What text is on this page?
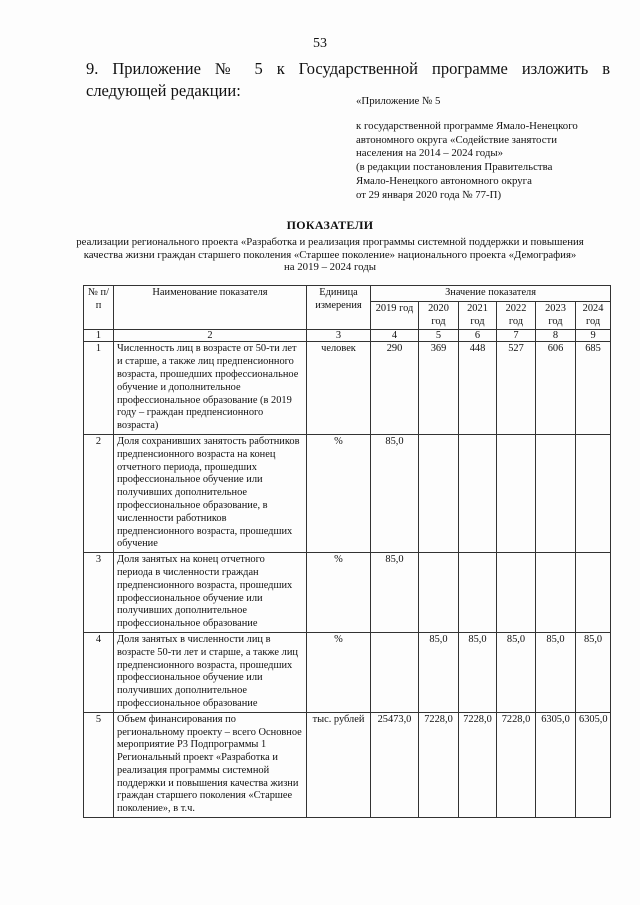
53
9. Приложение № 5 к Государственной программе изложить в
следующей редакции:
«Приложение № 5
к государственной программе Ямало-Ненецкого
автономного округа «Содействие занятости
населения на 2014 – 2024 годы»
(в редакции постановления Правительства
Ямало-Ненецкого автономного округа
от 29 января 2020 года № 77-П)
ПОКАЗАТЕЛИ
реализации регионального проекта «Разработка и реализация программы системной поддержки и повышения
качества жизни граждан старшего поколения «Старшее поколение» национального проекта «Демография»
на 2019 – 2024 годы
№ п/п	Наименование показателя	Единица измерения	Значение показателя					
			2019 год	2020 год	2021 год	2022 год	2023 год	2024 год
1	2	3	4	5	6	7	8	9
1	Численность лиц в возрасте от 50-ти лет и старше, а также лиц предпенсионного возраста, прошедших профессиональное обучение и дополнительное профессиональное образование (в 2019 году – граждан предпенсионного возраста)	человек	290	369	448	527	606	685
2	Доля сохранивших занятость работников предпенсионного возраста на конец отчетного периода, прошедших профессиональное обучение или получивших дополнительное профессиональное образование, в численности работников предпенсионного возраста, прошедших обучение	%	85,0					
3	Доля занятых на конец отчетного периода в численности граждан предпенсионного возраста, прошедших профессиональное обучение или получивших дополнительное профессиональное образование	%	85,0					
4	Доля занятых в численности лиц в возрасте 50-ти лет и старше, а также лиц предпенсионного возраста, прошедших профессиональное обучение или получивших дополнительное профессиональное образование	%		85,0	85,0	85,0	85,0	85,0
5	Объем финансирования по региональному проекту – всего Основное мероприятие Р3 Подпрограммы 1 Региональный проект «Разработка и реализация программы системной поддержки и повышения качества жизни граждан старшего поколения «Старшее поколение», в т.ч.	тыс. рублей	25473,0	7228,0	7228,0	7228,0	6305,0	6305,0
